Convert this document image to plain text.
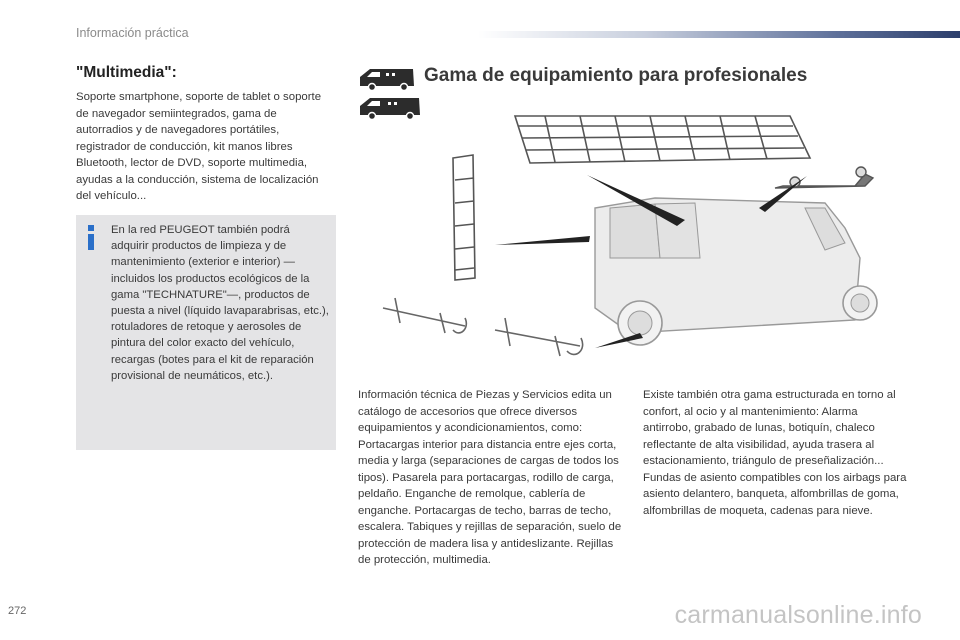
Información práctica
"Multimedia":
Soporte smartphone, soporte de tablet o soporte de navegador semiintegrados, gama de autorradios y de navegadores portátiles, registrador de conducción, kit manos libres Bluetooth, lector de DVD, soporte multimedia, ayudas a la conducción, sistema de localización del vehículo...
En la red PEUGEOT también podrá adquirir productos de limpieza y de mantenimiento (exterior e interior) — incluidos los productos ecológicos de la gama "TECHNATURE"—, productos de puesta a nivel (líquido lavaparabrisas, etc.), rotuladores de retoque y aerosoles de pintura del color exacto del vehículo, recargas (botes para el kit de reparación provisional de neumáticos, etc.).
Gama de equipamiento para profesionales
Información técnica de Piezas y Servicios edita un catálogo de accesorios que ofrece diversos equipamientos y acondicionamientos, como: Portacargas interior para distancia entre ejes corta, media y larga (separaciones de cargas de todos los tipos). Pasarela para portacargas, rodillo de carga, peldaño. Enganche de remolque, cablería de enganche. Portacargas de techo, barras de techo, escalera. Tabiques y rejillas de separación, suelo de protección de madera lisa y antideslizante. Rejillas de protección, multimedia.
Existe también otra gama estructurada en torno al confort, al ocio y al mantenimiento: Alarma antirrobo, grabado de lunas, botiquín, chaleco reflectante de alta visibilidad, ayuda trasera al estacionamiento, triángulo de preseñalización... Fundas de asiento compatibles con los airbags para asiento delantero, banqueta, alfombrillas de goma, alfombrillas de moqueta, cadenas para nieve.
272	carmanualsonline.info
